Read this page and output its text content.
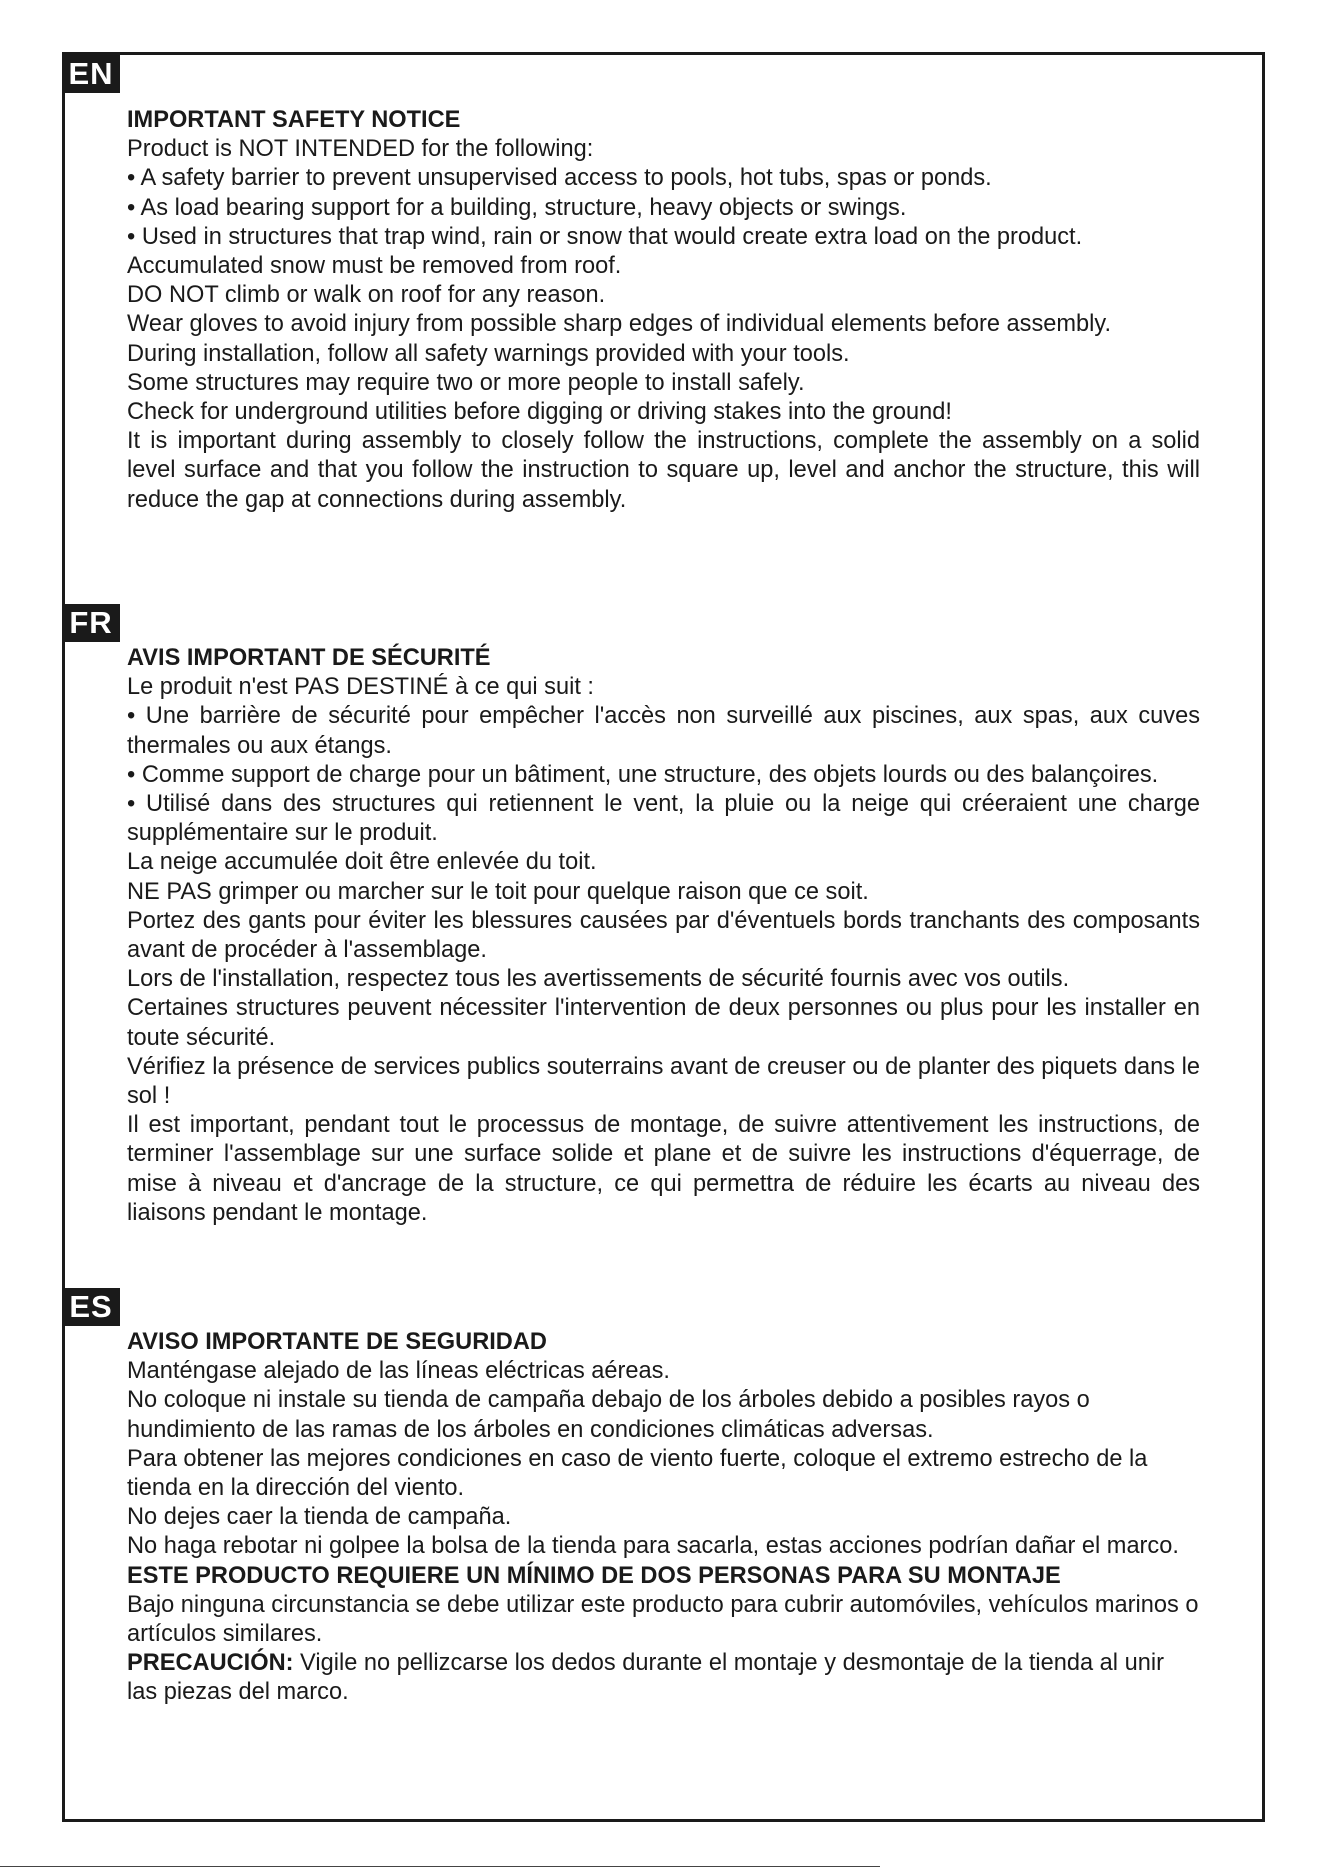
EN

IMPORTANT SAFETY NOTICE

Product is NOT INTENDED for the following:

• A safety barrier to prevent unsupervised access to pools, hot tubs, spas or ponds.

• As load bearing support for a building, structure, heavy objects or swings.

• Used in structures that trap wind, rain or snow that would create extra load on the product.

Accumulated snow must be removed from roof.

DO NOT climb or walk on roof for any reason.

Wear gloves to avoid injury from possible sharp edges of individual elements before assembly.

During installation, follow all safety warnings provided with your tools.

Some structures may require two or more people to install safely.

Check for underground utilities before digging or driving stakes into the ground!

It is important during assembly to closely follow the instructions, complete the assembly on a solid level surface and that you follow the instruction to square up, level and anchor the structure, this will reduce the gap at connections during assembly.

FR

AVIS IMPORTANT DE SÉCURITÉ

Le produit n'est PAS DESTINÉ à ce qui suit :

• Une barrière de sécurité pour empêcher l'accès non surveillé aux piscines, aux spas, aux cuves thermales ou aux étangs.

• Comme support de charge pour un bâtiment, une structure, des objets lourds ou des balançoires.

• Utilisé dans des structures qui retiennent le vent, la pluie ou la neige qui créeraient une charge supplémentaire sur le produit.

La neige accumulée doit être enlevée du toit.

NE PAS grimper ou marcher sur le toit pour quelque raison que ce soit.

Portez des gants pour éviter les blessures causées par d'éventuels bords tranchants des composants avant de procéder à l'assemblage.

Lors de l'installation, respectez tous les avertissements de sécurité fournis avec vos outils.

Certaines structures peuvent nécessiter l'intervention de deux personnes ou plus pour les installer en toute sécurité.

Vérifiez la présence de services publics souterrains avant de creuser ou de planter des piquets dans le sol !

Il est important, pendant tout le processus de montage, de suivre attentivement les instructions, de terminer l'assemblage sur une surface solide et plane et de suivre les instructions d'équerrage, de mise à niveau et d'ancrage de la structure, ce qui permettra de réduire les écarts au niveau des liaisons pendant le montage.

ES

AVISO IMPORTANTE DE SEGURIDAD

Manténgase alejado de las líneas eléctricas aéreas.

No coloque ni instale su tienda de campaña debajo de los árboles debido a posibles rayos o hundimiento de las ramas de los árboles en condiciones climáticas adversas.

Para obtener las mejores condiciones en caso de viento fuerte, coloque el extremo estrecho de la tienda en la dirección del viento.

No dejes caer la tienda de campaña.

No haga rebotar ni golpee la bolsa de la tienda para sacarla, estas acciones podrían dañar el marco.

ESTE PRODUCTO REQUIERE UN MÍNIMO DE DOS PERSONAS PARA SU MONTAJE

Bajo ninguna circunstancia se debe utilizar este producto para cubrir automóviles, vehículos marinos o artículos similares.

PRECAUCIÓN: Vigile no pellizcarse los dedos durante el montaje y desmontaje de la tienda al unir las piezas del marco.
